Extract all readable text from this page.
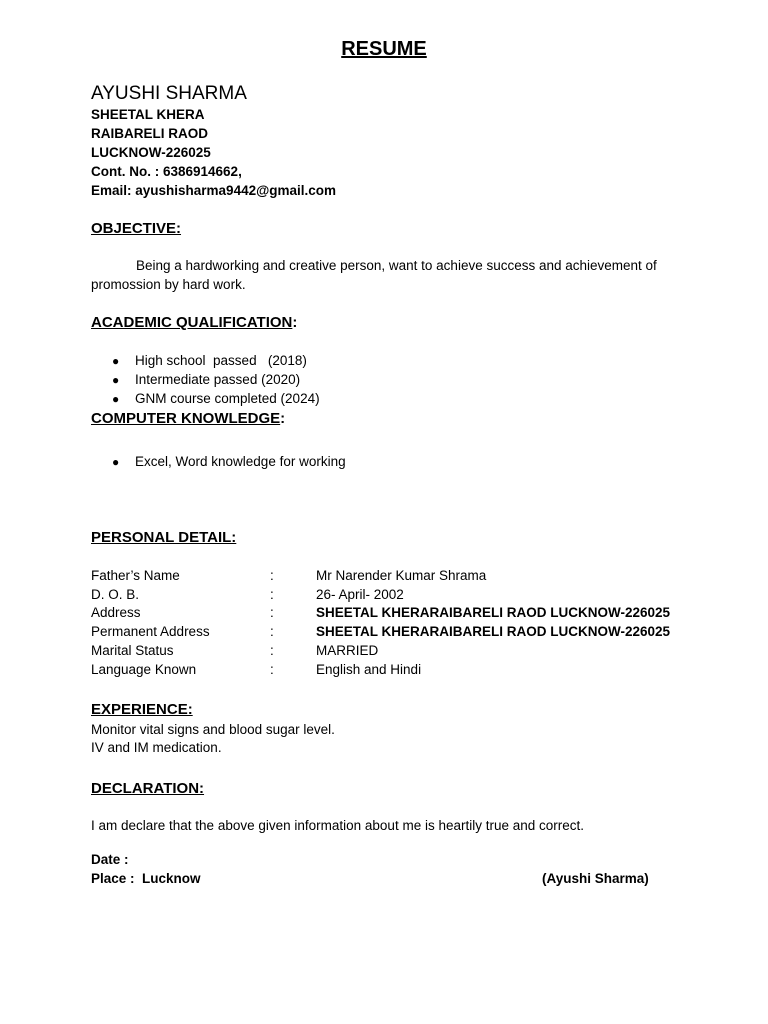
RESUME
AYUSHI SHARMA
SHEETAL KHERA
RAIBARELI RAOD
LUCKNOW-226025
Cont. No. : 6386914662,
Email: ayushisharma9442@gmail.com
OBJECTIVE:
Being a hardworking and creative person, want to achieve success and achievement of
promossion by hard work.
ACADEMIC QUALIFICATION:
● High school  passed   (2018)
● Intermediate passed (2020)
● GNM course completed (2024)
COMPUTER KNOWLEDGE:
● Excel, Word knowledge for working
PERSONAL DETAIL:
Father’s Name	:	Mr Narender Kumar Shrama
D. O. B.	:	26- April- 2002
Address	:	SHEETAL KHERARAIBARELI RAOD LUCKNOW-226025
Permanent Address	:	SHEETAL KHERARAIBARELI RAOD LUCKNOW-226025
Marital Status	:	MARRIED
Language Known	:	English and Hindi
EXPERIENCE:
Monitor vital signs and blood sugar level.
IV and IM medication.
DECLARATION:
I am declare that the above given information about me is heartily true and correct.
Date :
Place : Lucknow	(Ayushi Sharma)
